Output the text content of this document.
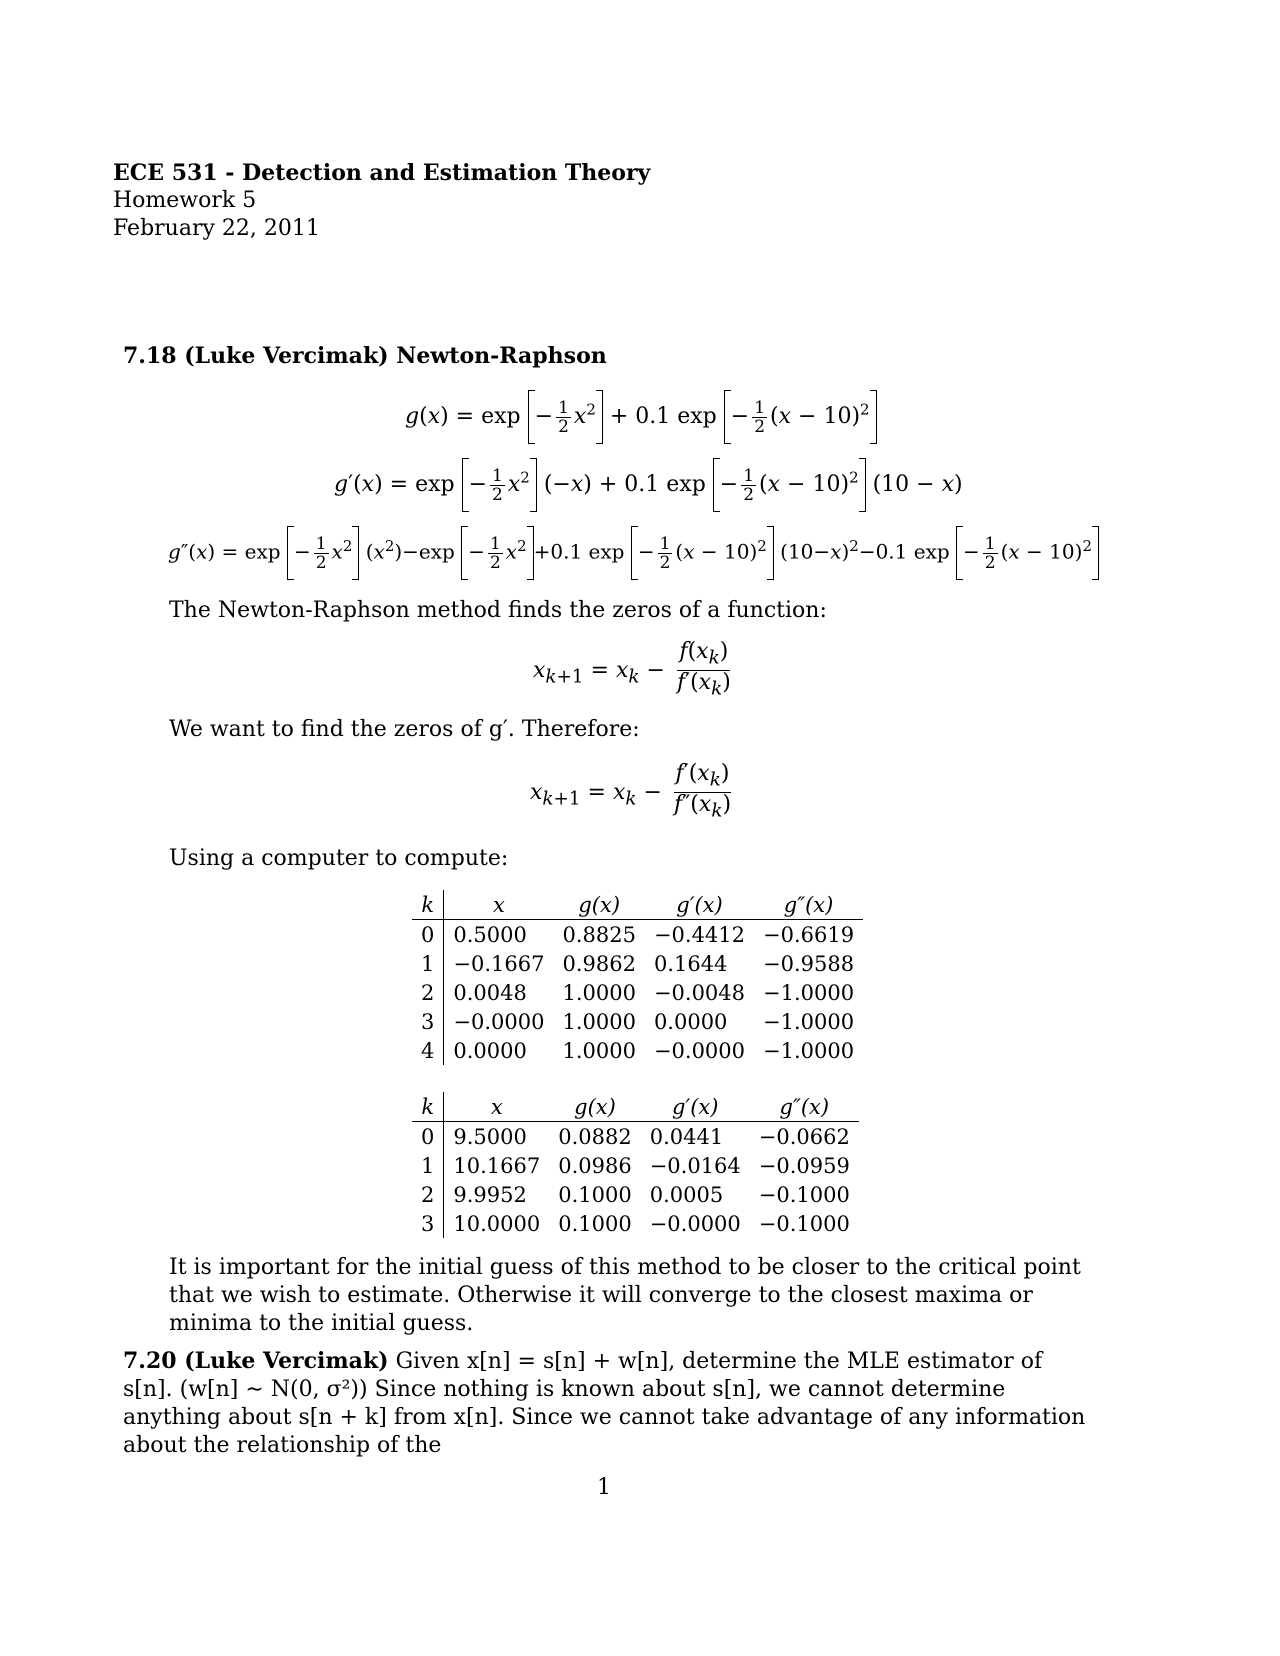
ECE 531 - Detection and Estimation Theory
Homework 5
February 22, 2011
7.18 (Luke Vercimak) Newton-Raphson
$g(x) = \exp - \frac{1}{2} x^2 + 0.1$ $\exp - \frac{1}{2} (x - 10)^2$
$g'(x) = \exp - \frac{1}{2} x^2$ (−x) + 0.1 $\exp - \frac{1}{2} (x - 10)^2$ (10 − x)
$g''(x) = \exp - \frac{1}{2} x^2$ $(x^2)-\exp - \frac{1}{2} x^2 +0.1$ $\exp - \frac{1}{2} (x - 10)^2$ $(10-x)^2-0.1$ $\exp - \frac{1}{2} (x - 10)^2$
The Newton-Raphson method finds the zeros of a function:
$x_{k+1} = x_k - \frac{f(x_k)}{f'(x_k)}$
We want to find the zeros of g′. Therefore:
$x_{k+1} = x_k - \frac{f'(x_k)}{f''(x_k)}$
Using a computer to compute:
k	x	g(x)	g′(x)	g″(x)
0	0.5000	0.8825	−0.4412	−0.6619
1	−0.1667	0.9862	0.1644	−0.9588
2	0.0048	1.0000	−0.0048	−1.0000
3	−0.0000	1.0000	0.0000	−1.0000
4	0.0000	1.0000	−0.0000	−1.0000
k	x	g(x)	g′(x)	g″(x)
0	9.5000	0.0882	0.0441	−0.0662
1	10.1667	0.0986	−0.0164	−0.0959
2	9.9952	0.1000	0.0005	−0.1000
3	10.0000	0.1000	−0.0000	−0.1000
It is important for the initial guess of this method to be closer to the critical point that we wish to estimate. Otherwise it will converge to the closest maxima or minima to the initial guess.
7.20 (Luke Vercimak) Given x[n] = s[n] + w[n], determine the MLE estimator of s[n]. (w[n] ∼ N(0, σ²)) Since nothing is known about s[n], we cannot determine anything about s[n + k] from x[n]. Since we cannot take advantage of any information about the relationship of the
1
